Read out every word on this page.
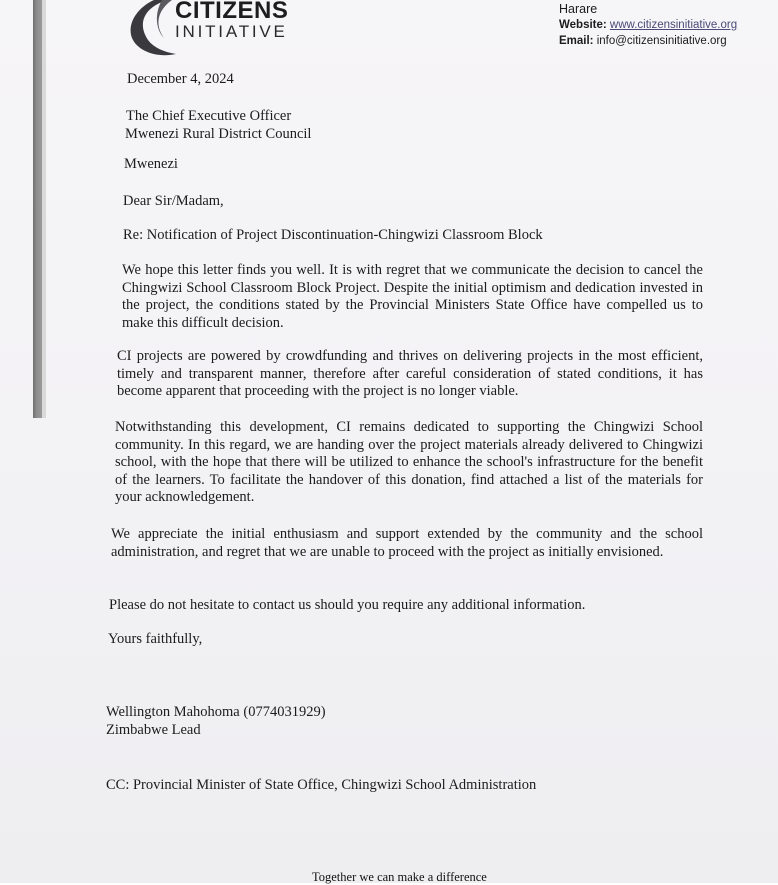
CITIZENS
INITIATIVE
Harare
Website: www.citizensinitiative.org
Email: info@citizensinitiative.org
December 4, 2024
The Chief Executive Officer
Mwenezi Rural District Council
Mwenezi
Dear Sir/Madam,
Re: Notification of Project Discontinuation-Chingwizi Classroom Block
We hope this letter finds you well. It is with regret that we communicate the decision to cancel the Chingwizi School Classroom Block Project. Despite the initial optimism and dedication invested in the project, the conditions stated by the Provincial Ministers State Office have compelled us to make this difficult decision.
CI projects are powered by crowdfunding and thrives on delivering projects in the most efficient, timely and transparent manner, therefore after careful consideration of stated conditions, it has become apparent that proceeding with the project is no longer viable.
Notwithstanding this development, CI remains dedicated to supporting the Chingwizi School community. In this regard, we are handing over the project materials already delivered to Chingwizi school, with the hope that there will be utilized to enhance the school's infrastructure for the benefit of the learners. To facilitate the handover of this donation, find attached a list of the materials for your acknowledgement.
We appreciate the initial enthusiasm and support extended by the community and the school administration, and regret that we are unable to proceed with the project as initially envisioned.
Please do not hesitate to contact us should you require any additional information.
Yours faithfully,
Wellington Mahohoma (0774031929)
Zimbabwe Lead
CC: Provincial Minister of State Office, Chingwizi School Administration
Together we can make a difference
